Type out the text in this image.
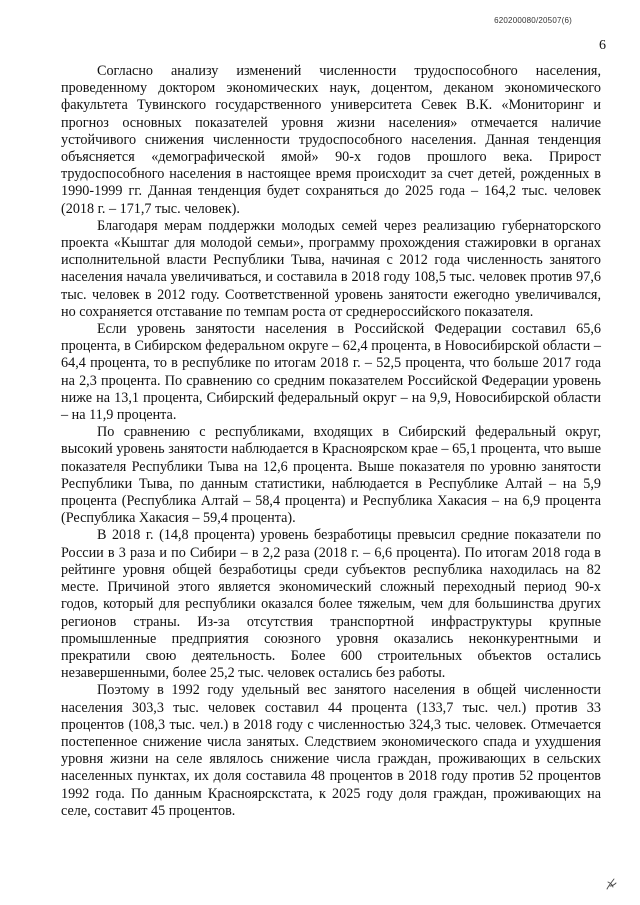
620200080/20507(6)
6

Согласно анализу изменений численности трудоспособного населения, проведенному доктором экономических наук, доцентом, деканом экономического факультета Тувинского государственного университета Севек В.К. «Мониторинг и прогноз основных показателей уровня жизни населения» отмечается наличие устойчивого снижения численности трудоспособного населения. Данная тенденция объясняется «демографической ямой» 90-х годов прошлого века. Прирост трудоспособного населения в настоящее время происходит за счет детей, рожденных в 1990-1999 гг. Данная тенденция будет сохраняться до 2025 года – 164,2 тыс. человек (2018 г. – 171,7 тыс. человек).

Благодаря мерам поддержки молодых семей через реализацию губернаторского проекта «Кыштаг для молодой семьи», программу прохождения стажировки в органах исполнительной власти Республики Тыва, начиная с 2012 года численность занятого населения начала увеличиваться, и составила в 2018 году 108,5 тыс. человек против 97,6 тыс. человек в 2012 году. Соответственной уровень занятости ежегодно увеличивался, но сохраняется отставание по темпам роста от среднероссийского показателя.

Если уровень занятости населения в Российской Федерации составил 65,6 процента, в Сибирском федеральном округе – 62,4 процента, в Новосибирской области – 64,4 процента, то в республике по итогам 2018 г. – 52,5 процента, что больше 2017 года на 2,3 процента. По сравнению со средним показателем Российской Федерации уровень ниже на 13,1 процента, Сибирский федеральный округ – на 9,9, Новосибирской области – на 11,9 процента.

По сравнению с республиками, входящих в Сибирский федеральный округ, высокий уровень занятости наблюдается в Красноярском крае – 65,1 процента, что выше показателя Республики Тыва на 12,6 процента. Выше показателя по уровню занятости Республики Тыва, по данным статистики, наблюдается в Республике Алтай – на 5,9 процента (Республика Алтай – 58,4 процента) и Республика Хакасия – на 6,9 процента (Республика Хакасия – 59,4 процента).

В 2018 г. (14,8 процента) уровень безработицы превысил средние показатели по России в 3 раза и по Сибири – в 2,2 раза (2018 г. – 6,6 процента). По итогам 2018 года в рейтинге уровня общей безработицы среди субъектов республика находилась на 82 месте. Причиной этого является экономический сложный переходный период 90-х годов, который для республики оказался более тяжелым, чем для большинства других регионов страны. Из-за отсутствия транспортной инфраструктуры крупные промышленные предприятия союзного уровня оказались неконкурентными и прекратили свою деятельность. Более 600 строительных объектов остались незавершенными, более 25,2 тыс. человек остались без работы.

Поэтому в 1992 году удельный вес занятого населения в общей численности населения 303,3 тыс. человек составил 44 процента (133,7 тыс. чел.) против 33 процентов (108,3 тыс. чел.) в 2018 году с численностью 324,3 тыс. человек. Отмечается постепенное снижение числа занятых. Следствием экономического спада и ухудшения уровня жизни на селе являлось снижение числа граждан, проживающих в сельских населенных пунктах, их доля составила 48 процентов в 2018 году против 52 процентов 1992 года. По данным Красноярскстата, к 2025 году доля граждан, проживающих на селе, составит 45 процентов.
